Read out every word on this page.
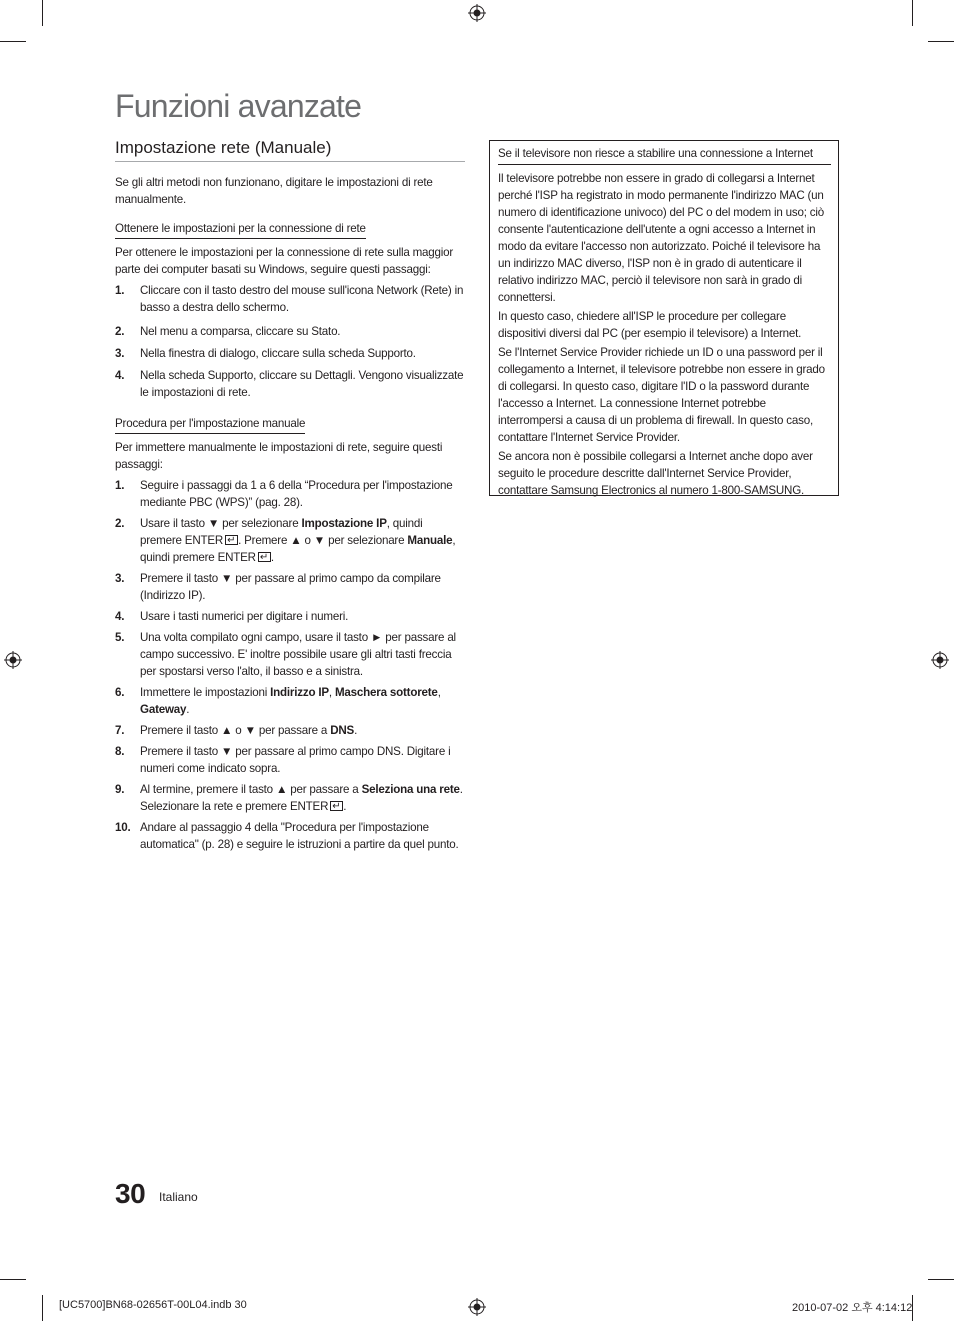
Funzioni avanzate
Impostazione rete (Manuale)

Se gli altri metodi non funzionano, digitare le impostazioni di rete manualmente.

Ottenere le impostazioni per la connessione di rete

Per ottenere le impostazioni per la connessione di rete sulla maggior parte dei computer basati su Windows, seguire questi passaggi:

1. Cliccare con il tasto destro del mouse sull'icona Network (Rete) in basso a destra dello schermo.
2. Nel menu a comparsa, cliccare su Stato.
3. Nella finestra di dialogo, cliccare sulla scheda Supporto.
4. Nella scheda Supporto, cliccare su Dettagli. Vengono visualizzate le impostazioni di rete.
Procedura per l'impostazione manuale

Per immettere manualmente le impostazioni di rete, seguire questi passaggi:

1. Seguire i passaggi da 1 a 6 della “Procedura per l'impostazione mediante PBC (WPS)” (pag. 28).
2. Usare il tasto ▼ per selezionare Impostazione IP, quindi premere ENTER ↵ . Premere ▲ o ▼ per selezionare Manuale, quindi premere ENTER ↵ .
3. Premere il tasto ▼ per passare al primo campo da compilare (Indirizzo IP).
4. Usare i tasti numerici per digitare i numeri.
5. Una volta compilato ogni campo, usare il tasto ► per passare al campo successivo. E' inoltre possibile usare gli altri tasti freccia per spostarsi verso l'alto, il basso e a sinistra.
6. Immettere le impostazioni Indirizzo IP, Maschera sottorete, Gateway.
7. Premere il tasto ▲ o ▼ per passare a DNS.
8. Premere il tasto ▼ per passare al primo campo DNS. Digitare i numeri come indicato sopra.
9. Al termine, premere il tasto ▲ per passare a Seleziona una rete. Selezionare la rete e premere ENTER ↵ .
10. Andare al passaggio 4 della "Procedura per l'impostazione automatica" (p. 28) e seguire le istruzioni a partire da quel punto.
Se il televisore non riesce a stabilire una connessione a Internet

Il televisore potrebbe non essere in grado di collegarsi a Internet perché l'ISP ha registrato in modo permanente l'indirizzo MAC (un numero di identificazione univoco) del PC o del modem in uso; ciò consente l'autenticazione dell'utente a ogni accesso a Internet in modo da evitare l'accesso non autorizzato. Poiché il televisore ha un indirizzo MAC diverso, l'ISP non è in grado di autenticare il relativo indirizzo MAC, perciò il televisore non sarà in grado di connettersi.

In questo caso, chiedere all'ISP le procedure per collegare dispositivi diversi dal PC (per esempio il televisore) a Internet.

Se l'Internet Service Provider richiede un ID o una password per il collegamento a Internet, il televisore potrebbe non essere in grado di collegarsi. In questo caso, digitare l'ID o la password durante l'accesso a Internet. La connessione Internet potrebbe interrompersi a causa di un problema di firewall. In questo caso, contattare l'Internet Service Provider.

Se ancora non è possibile collegarsi a Internet anche dopo aver seguito le procedure descritte dall'Internet Service Provider, contattare Samsung Electronics al numero 1-800-SAMSUNG.

30 Italiano
[UC5700]BN68-02656T-00L04.indb 30	2010-07-02 오후 4:14:12
